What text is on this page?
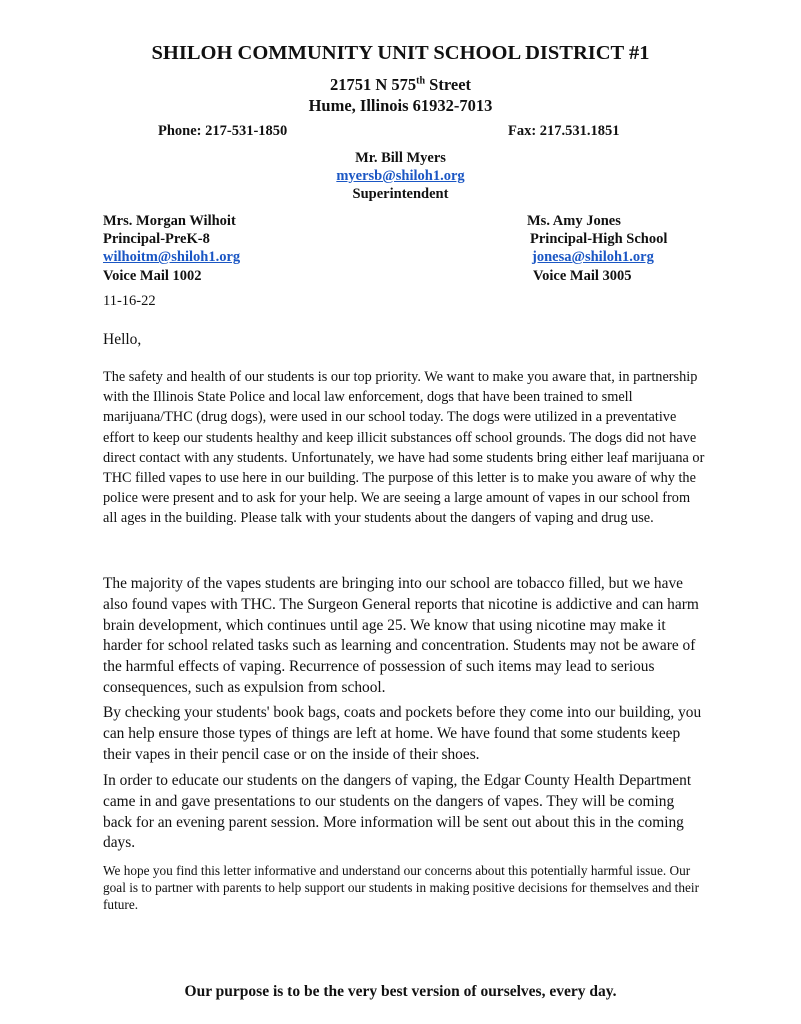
SHILOH COMMUNITY UNIT SCHOOL DISTRICT #1
21751 N 575th Street
Hume, Illinois 61932-7013
Phone: 217-531-1850	Fax: 217.531.1851
Mr. Bill Myers
myersb@shiloh1.org
Superintendent
Mrs. Morgan Wilhoit
Principal-PreK-8
wilhoitm@shiloh1.org
Voice Mail 1002
Ms. Amy Jones
Principal-High School
jonesa@shiloh1.org
Voice Mail 3005
11-16-22
Hello,
The safety and health of our students is our top priority. We want to make you aware that, in partnership with the Illinois State Police and local law enforcement, dogs that have been trained to smell marijuana/THC (drug dogs), were used in our school today. The dogs were utilized in a preventative effort to keep our students healthy and keep illicit substances off school grounds. The dogs did not have direct contact with any students. Unfortunately, we have had some students bring either leaf marijuana or THC filled vapes to use here in our building. The purpose of this letter is to make you aware of why the police were present and to ask for your help. We are seeing a large amount of vapes in our school from all ages in the building. Please talk with your students about the dangers of vaping and drug use.
The majority of the vapes students are bringing into our school are tobacco filled, but we have also found vapes with THC. The Surgeon General reports that nicotine is addictive and can harm brain development, which continues until age 25. We know that using nicotine may make it harder for school related tasks such as learning and concentration. Students may not be aware of the harmful effects of vaping. Recurrence of possession of such items may lead to serious consequences, such as expulsion from school.
By checking your students' book bags, coats and pockets before they come into our building, you can help ensure those types of things are left at home. We have found that some students keep their vapes in their pencil case or on the inside of their shoes.
In order to educate our students on the dangers of vaping, the Edgar County Health Department came in and gave presentations to our students on the dangers of vapes. They will be coming back for an evening parent session. More information will be sent out about this in the coming days.
We hope you find this letter informative and understand our concerns about this potentially harmful issue. Our goal is to partner with parents to help support our students in making positive decisions for themselves and their future.
Our purpose is to be the very best version of ourselves, every day.
